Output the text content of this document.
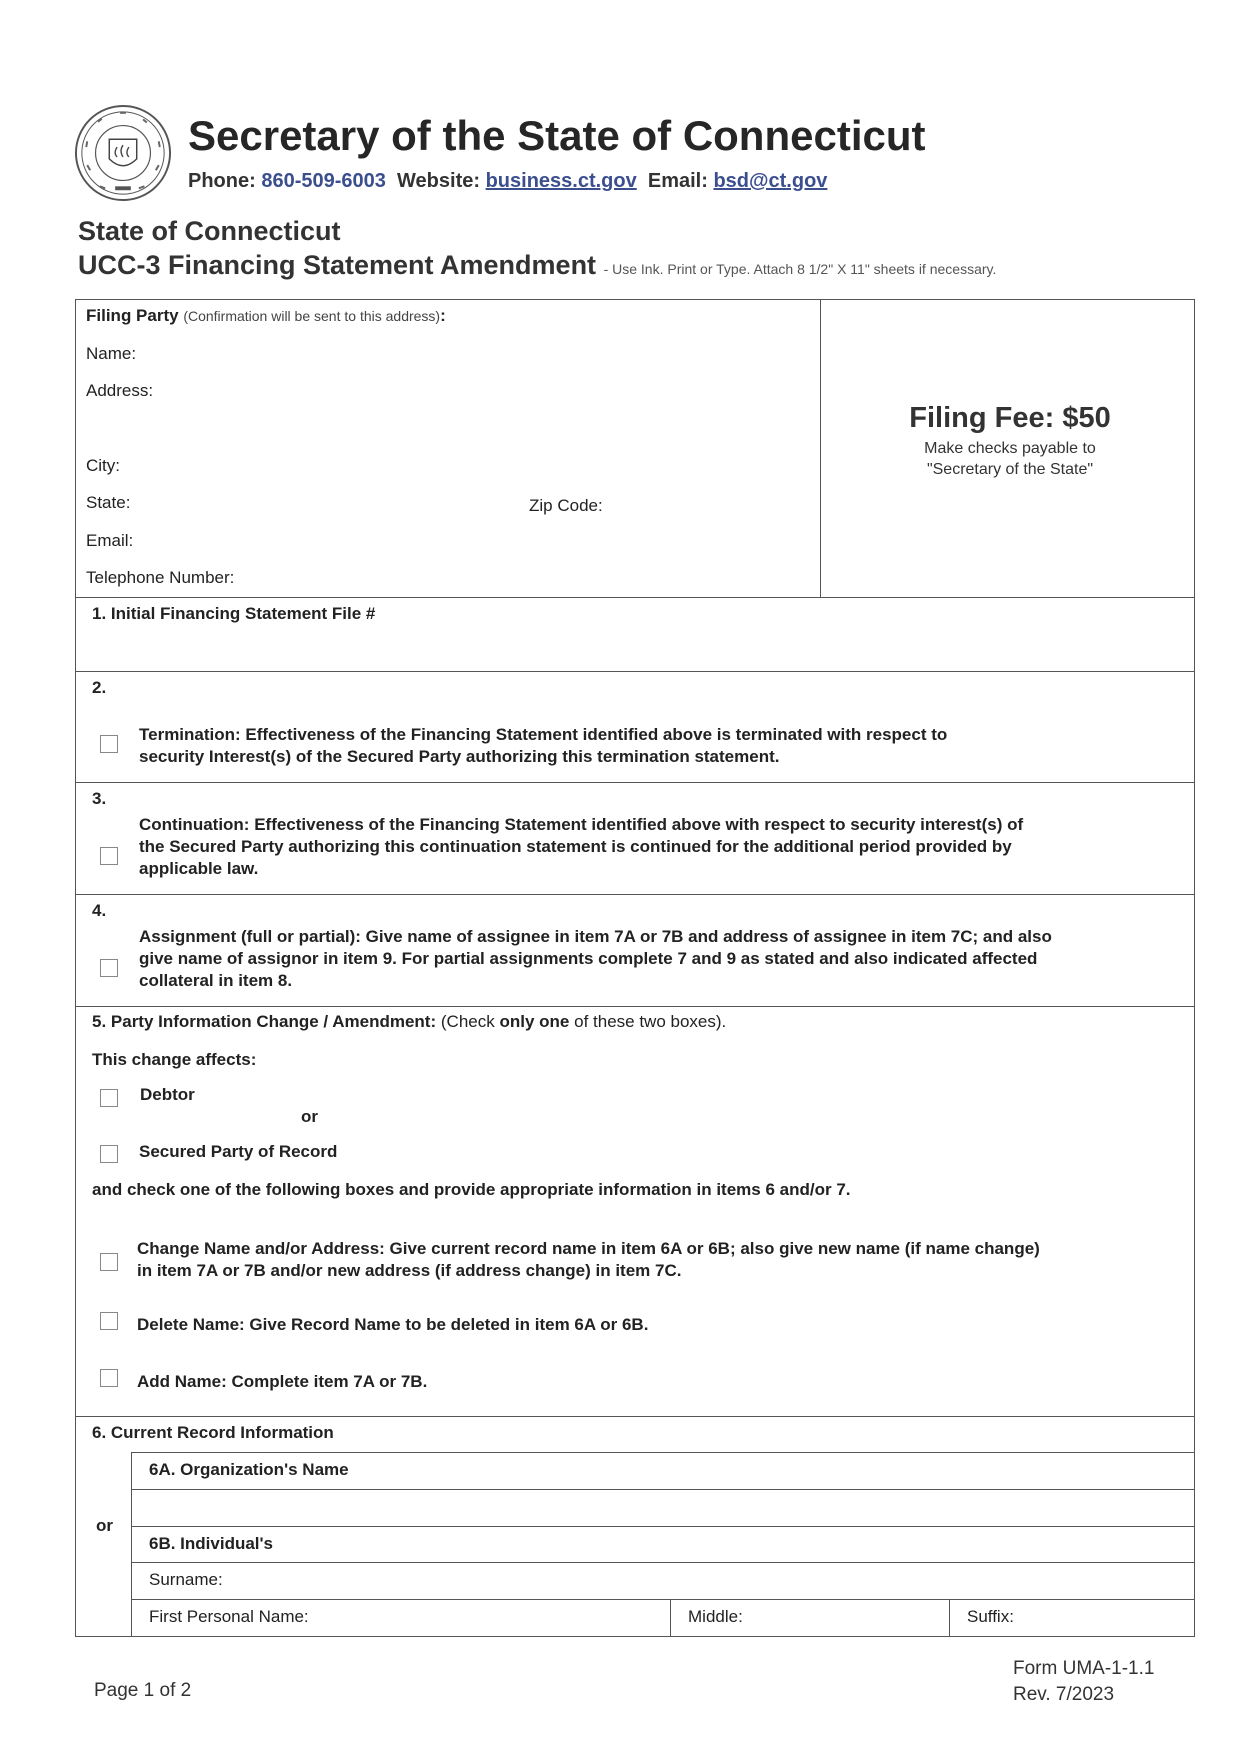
Secretary of the State of Connecticut
Phone: 860-509-6003 Website: business.ct.gov Email: bsd@ct.gov
State of Connecticut
UCC-3 Financing Statement Amendment - Use Ink. Print or Type. Attach 8 1/2" X 11" sheets if necessary.
Filing Party (Confirmation will be sent to this address):
Name:
Address:
City:
State:	Zip Code:
Email:
Telephone Number:
Filing Fee: $50
Make checks payable to
"Secretary of the State"
1. Initial Financing Statement File #
2.
Termination: Effectiveness of the Financing Statement identified above is terminated with respect to
security Interest(s) of the Secured Party authorizing this termination statement.
3.
Continuation: Effectiveness of the Financing Statement identified above with respect to security interest(s) of
the Secured Party authorizing this continuation statement is continued for the additional period provided by
applicable law.
4.
Assignment (full or partial): Give name of assignee in item 7A or 7B and address of assignee in item 7C; and also
give name of assignor in item 9. For partial assignments complete 7 and 9 as stated and also indicated affected
collateral in item 8.
5. Party Information Change / Amendment: (Check only one of these two boxes).
This change affects:
Debtor
or
Secured Party of Record
and check one of the following boxes and provide appropriate information in items 6 and/or 7.
Change Name and/or Address: Give current record name in item 6A or 6B; also give new name (if name change)
in item 7A or 7B and/or new address (if address change) in item 7C.
Delete Name: Give Record Name to be deleted in item 6A or 6B.
Add Name: Complete item 7A or 7B.
6. Current Record Information
or
6A. Organization's Name
6B. Individual's
Surname:
First Personal Name:	Middle:	Suffix:
Page 1 of 2
Form UMA-1-1.1
Rev. 7/2023
